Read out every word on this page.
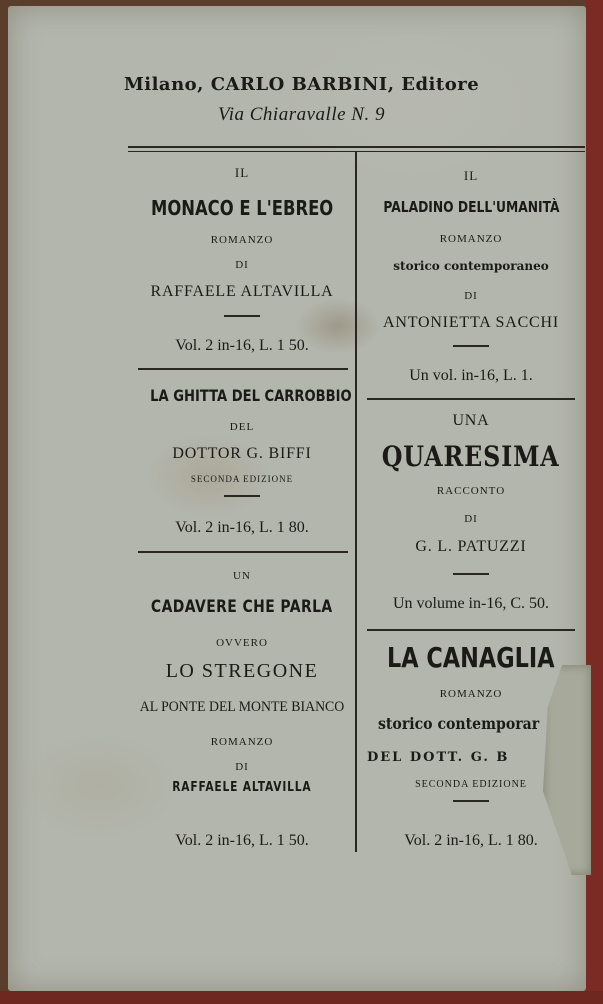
Milano, CARLO BARBINI, Editore
Via Chiaravalle N. 9
IL
MONACO E L'EBREO
ROMANZO
DI
RAFFAELE ALTAVILLA
Vol. 2 in-16, L. 1 50.
LA GHITTA DEL CARROBBIO
DEL
DOTTOR G. BIFFI
SECONDA EDIZIONE
Vol. 2 in-16, L. 1 80.
UN
CADAVERE CHE PARLA
OVVERO
LO STREGONE
AL PONTE DEL MONTE BIANCO
ROMANZO
DI
RAFFAELE ALTAVILLA
Vol. 2 in-16, L. 1 50.
IL
PALADINO DELL'UMANITÀ
ROMANZO
storico contemporaneo
DI
ANTONIETTA SACCHI
Un vol. in-16, L. 1.
UNA
QUARESIMA
RACCONTO
DI
G. L. PATUZZI
Un volume in-16, C. 50.
LA CANAGLIA
ROMANZO
storico contemporar
DEL DOTT. G. B
SECONDA EDIZIONE
Vol. 2 in-16, L. 1 80.
